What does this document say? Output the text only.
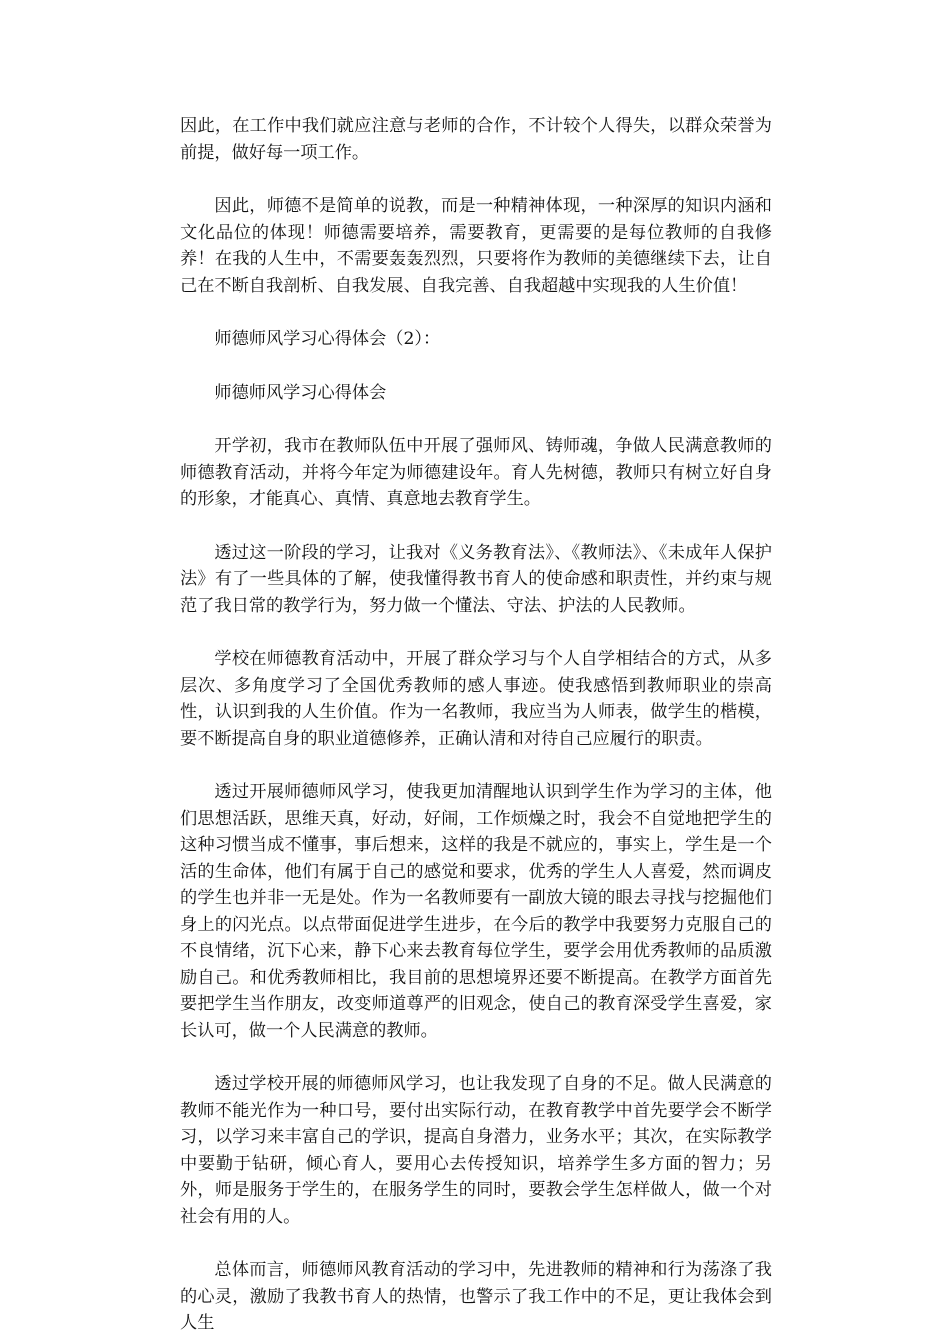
因此，在工作中我们就应注意与老师的合作，不计较个人得失，以群众荣誉为前提，做好每一项工作。

因此，师德不是简单的说教，而是一种精神体现，一种深厚的知识内涵和文化品位的体现！师德需要培养，需要教育，更需要的是每位教师的自我修养！在我的人生中，不需要轰轰烈烈，只要将作为教师的美德继续下去，让自己在不断自我剖析、自我发展、自我完善、自我超越中实现我的人生价值！

师德师风学习心得体会（2）：

师德师风学习心得体会

开学初，我市在教师队伍中开展了强师风、铸师魂，争做人民满意教师的师德教育活动，并将今年定为师德建设年。育人先树德，教师只有树立好自身的形象，才能真心、真情、真意地去教育学生。

透过这一阶段的学习，让我对《义务教育法》、《教师法》、《未成年人保护法》有了一些具体的了解，使我懂得教书育人的使命感和职责性，并约束与规范了我日常的教学行为，努力做一个懂法、守法、护法的人民教师。

学校在师德教育活动中，开展了群众学习与个人自学相结合的方式，从多层次、多角度学习了全国优秀教师的感人事迹。使我感悟到教师职业的崇高性，认识到我的人生价值。作为一名教师，我应当为人师表，做学生的楷模，要不断提高自身的职业道德修养，正确认清和对待自己应履行的职责。

透过开展师德师风学习，使我更加清醒地认识到学生作为学习的主体，他们思想活跃，思维天真，好动，好闹，工作烦燥之时，我会不自觉地把学生的这种习惯当成不懂事，事后想来，这样的我是不就应的，事实上，学生是一个活的生命体，他们有属于自己的感觉和要求，优秀的学生人人喜爱，然而调皮的学生也并非一无是处。作为一名教师要有一副放大镜的眼去寻找与挖掘他们身上的闪光点。以点带面促进学生进步，在今后的教学中我要努力克服自己的不良情绪，沉下心来，静下心来去教育每位学生，要学会用优秀教师的品质激励自己。和优秀教师相比，我目前的思想境界还要不断提高。在教学方面首先要把学生当作朋友，改变师道尊严的旧观念，使自己的教育深受学生喜爱，家长认可，做一个人民满意的教师。

透过学校开展的师德师风学习，也让我发现了自身的不足。做人民满意的教师不能光作为一种口号，要付出实际行动，在教育教学中首先要学会不断学习，以学习来丰富自己的学识，提高自身潜力，业务水平；其次，在实际教学中要勤于钻研，倾心育人，要用心去传授知识，培养学生多方面的智力；另外，师是服务于学生的，在服务学生的同时，要教会学生怎样做人，做一个对社会有用的人。

总体而言，师德师风教育活动的学习中，先进教师的精神和行为荡涤了我的心灵，激励了我教书育人的热情，也警示了我工作中的不足，更让我体会到人生
